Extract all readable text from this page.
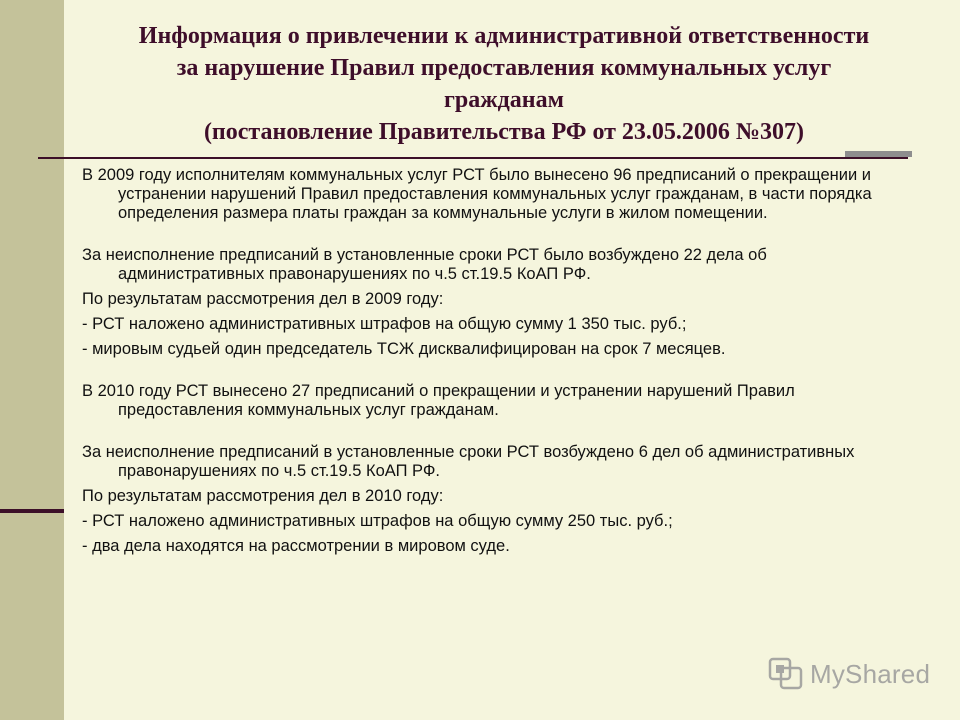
Информация о привлечении к административной ответственности
за нарушение Правил предоставления коммунальных услуг
гражданам
(постановление Правительства РФ от 23.05.2006 №307)

В 2009 году исполнителям коммунальных услуг РСТ было вынесено 96 предписаний о прекращении и устранении нарушений Правил предоставления коммунальных услуг гражданам, в части порядка определения размера платы граждан за коммунальные услуги в жилом помещении.

За неисполнение предписаний в установленные сроки РСТ было возбуждено 22 дела об административных правонарушениях по ч.5 ст.19.5 КоАП РФ.

По результатам рассмотрения дел в 2009 году:

- РСТ наложено административных штрафов на общую сумму 1 350 тыс. руб.;

- мировым судьей один председатель ТСЖ дисквалифицирован на срок 7 месяцев.

В 2010 году РСТ вынесено 27 предписаний о прекращении и устранении нарушений Правил предоставления коммунальных услуг гражданам.

За неисполнение предписаний в установленные сроки РСТ возбуждено 6 дел об административных правонарушениях по ч.5 ст.19.5 КоАП РФ.

По результатам рассмотрения дел в 2010 году:

- РСТ наложено административных штрафов на общую сумму 250 тыс. руб.;

- два дела находятся на рассмотрении в мировом суде.

MyShared
